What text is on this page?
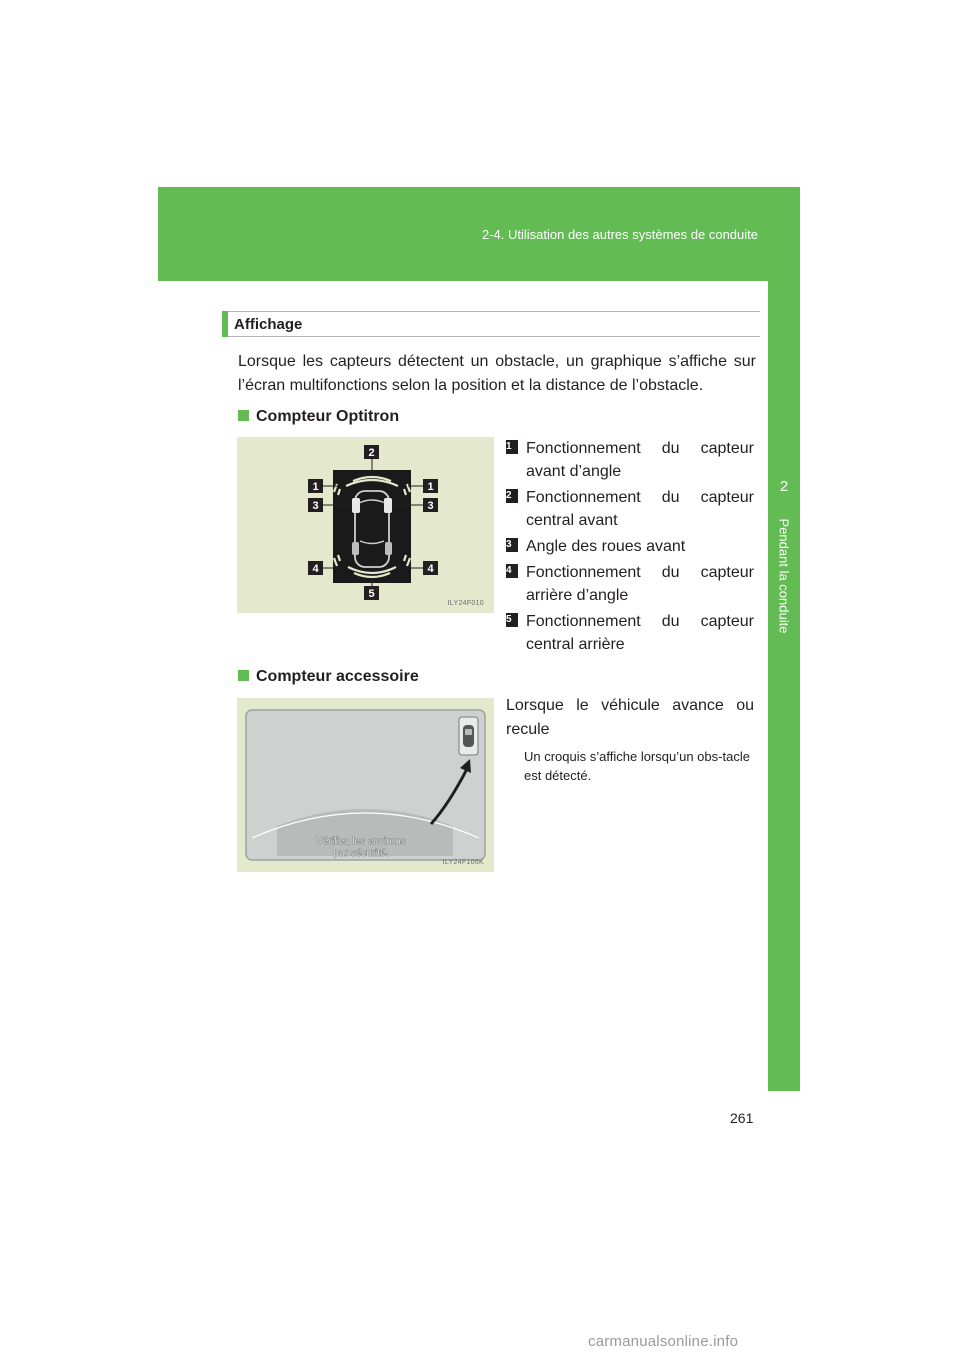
2-4. Utilisation des autres systèmes de conduite
2
Pendant la conduite
Affichage
Lorsque les capteurs détectent un obstacle, un graphique s’affiche sur l’écran multifonctions selon la position et la distance de l’obstacle.
Compteur Optitron
2
1	1
3	3
4	4
5
ILY24F010
1 Fonctionnement du capteur avant d’angle
2 Fonctionnement du capteur central avant
3 Angle des roues avant
4 Fonctionnement du capteur arrière d’angle
5 Fonctionnement du capteur central arrière
Compteur accessoire
Vérifiez les environs
par sécurité.
ILY24F106K
Lorsque le véhicule avance ou recule
Un croquis s’affiche lorsqu’un obs-tacle est détecté.
261
carmanualsonline.info
